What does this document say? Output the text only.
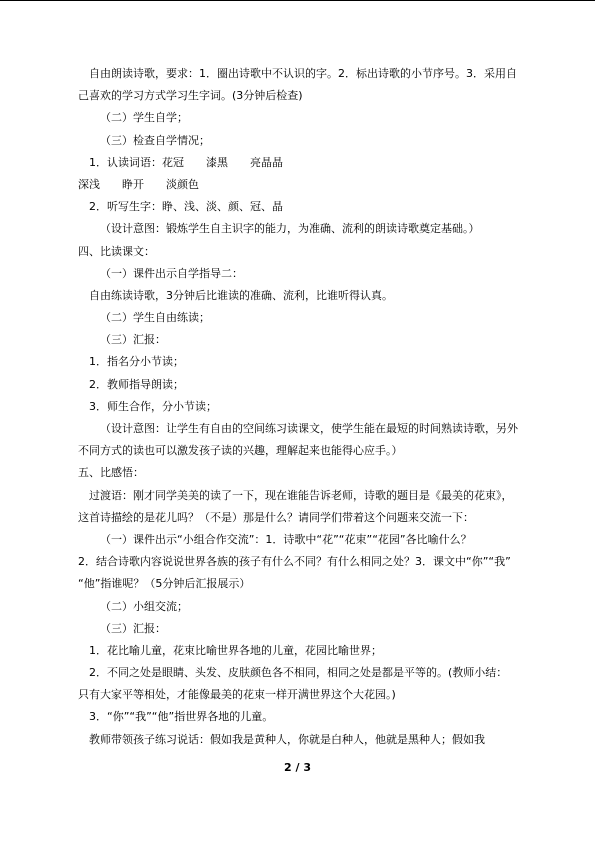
自由朗读诗歌，要求：1．圈出诗歌中不认识的字。2．标出诗歌的小节序号。3．采用自
己喜欢的学习方式学习生字词。(3分钟后检查)
（二）学生自学；
（三）检查自学情况；
1．认读词语：花冠　　漆黑　　亮晶晶
深浅　　睁开　　淡颜色
2．听写生字：睁、浅、淡、颜、冠、晶
（设计意图：锻炼学生自主识字的能力，为准确、流利的朗读诗歌奠定基础。）
四、比读课文：
（一）课件出示自学指导二：
自由练读诗歌，3分钟后比谁读的准确、流利，比谁听得认真。
（二）学生自由练读；
（三）汇报：
1．指名分小节读；
2．教师指导朗读；
3．师生合作，分小节读；
（设计意图：让学生有自由的空间练习读课文，使学生能在最短的时间熟读诗歌，另外
不同方式的读也可以激发孩子读的兴趣，理解起来也能得心应手。）
五、比感悟：
过渡语：刚才同学美美的读了一下，现在谁能告诉老师，诗歌的题目是《最美的花束》，
这首诗描绘的是花儿吗？（不是）那是什么？请同学们带着这个问题来交流一下：
（一）课件出示“小组合作交流”：1．诗歌中“花”“花束”“花园”各比喻什么？
2．结合诗歌内容说说世界各族的孩子有什么不同？有什么相同之处？3．课文中“你”“我”
“他”指谁呢？（5分钟后汇报展示）
（二）小组交流；
（三）汇报：
1．花比喻儿童，花束比喻世界各地的儿童，花园比喻世界；
2．不同之处是眼睛、头发、皮肤颜色各不相同，相同之处是都是平等的。(教师小结：
只有大家平等相处，才能像最美的花束一样开满世界这个大花园。)
3．“你”“我”“他”指世界各地的儿童。
教师带领孩子练习说话：假如我是黄种人，你就是白种人，他就是黑种人；假如我
2 / 3
